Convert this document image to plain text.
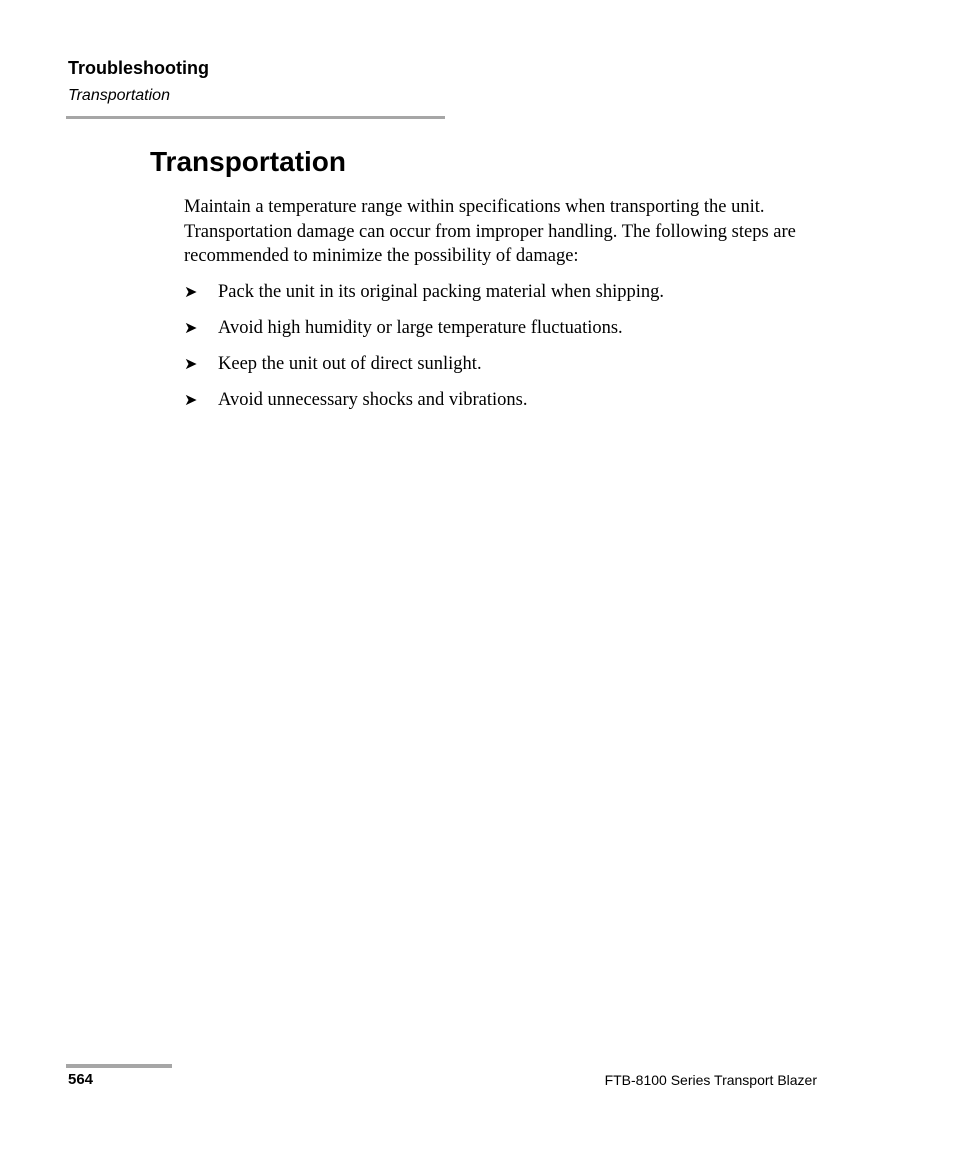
Troubleshooting
Transportation
Transportation

Maintain a temperature range within specifications when transporting the unit. Transportation damage can occur from improper handling. The following steps are recommended to minimize the possibility of damage:

➤	Pack the unit in its original packing material when shipping.
➤	Avoid high humidity or large temperature fluctuations.
➤	Keep the unit out of direct sunlight.
➤	Avoid unnecessary shocks and vibrations.
564	FTB-8100 Series Transport Blazer
